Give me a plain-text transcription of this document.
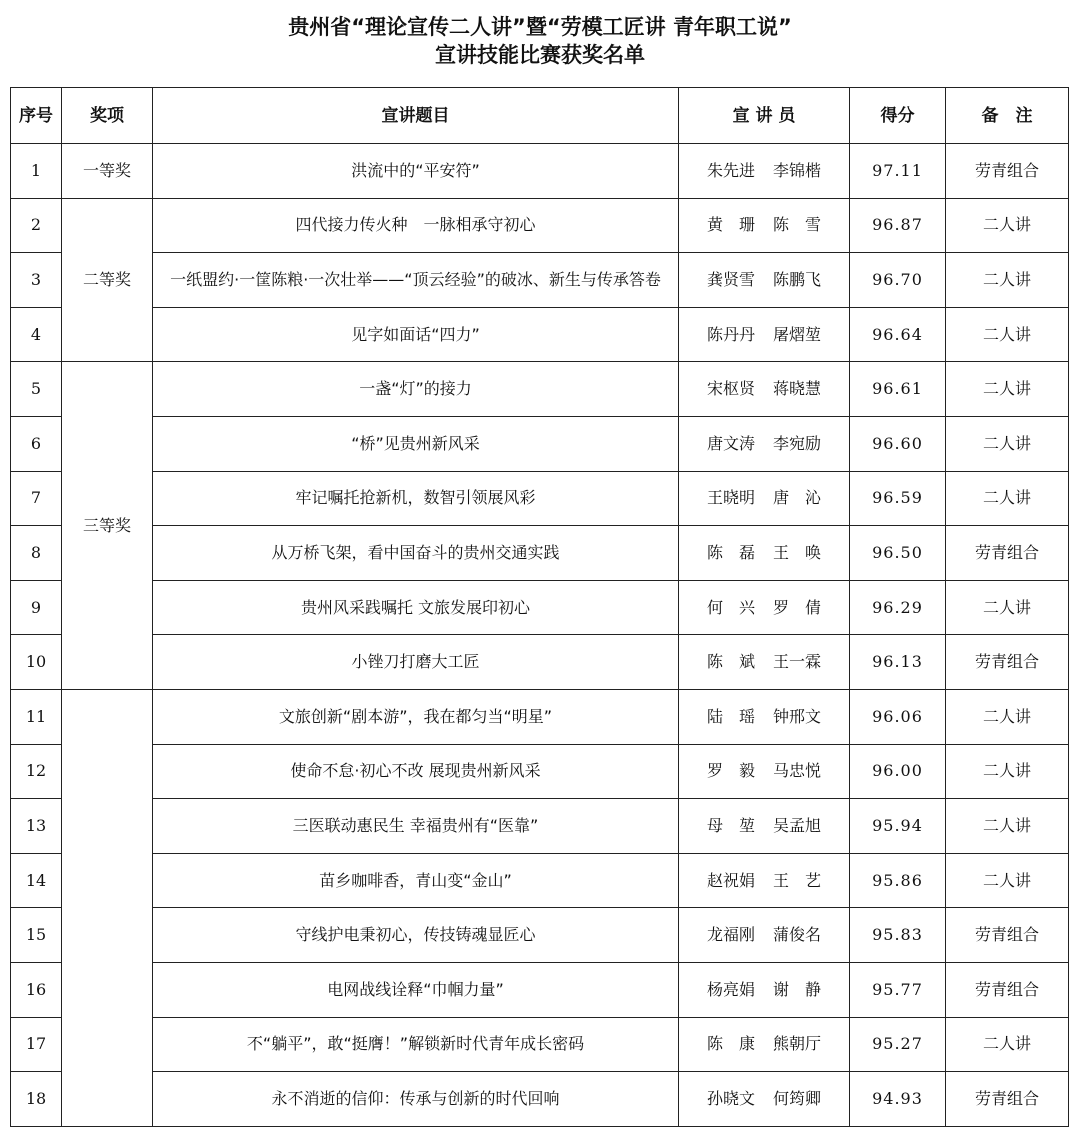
贵州省“理论宣传二人讲”暨“劳模工匠讲 青年职工说”
宣讲技能比赛获奖名单
序号	奖项	宣讲题目	宣 讲 员	得分	备　注
1	一等奖	洪流中的“平安符”	朱先进 李锦楷	97.11	劳青组合
2	二等奖	四代接力传火种　一脉相承守初心	黄　珊 陈　雪	96.87	二人讲
3		一纸盟约·一筐陈粮·一次壮举——“顶云经验”的破冰、新生与传承答卷	龚贤雪 陈鹏飞	96.70	二人讲
4		见字如面话“四力”	陈丹丹 屠熠堃	96.64	二人讲
5	三等奖	一盏“灯”的接力	宋枢贤 蒋晓慧	96.61	二人讲
6		“桥”见贵州新风采	唐文涛 李宛励	96.60	二人讲
7		牢记嘱托抢新机，数智引领展风彩	王晓明 唐　沁	96.59	二人讲
8		从万桥飞架，看中国奋斗的贵州交通实践	陈　磊 王　唤	96.50	劳青组合
9		贵州风采践嘱托 文旅发展印初心	何　兴 罗　倩	96.29	二人讲
10		小锉刀打磨大工匠	陈　斌 王一霖	96.13	劳青组合
11		文旅创新“剧本游”，我在都匀当“明星”	陆　瑶 钟邢文	96.06	二人讲
12		使命不怠·初心不改 展现贵州新风采	罗　毅 马忠悦	96.00	二人讲
13		三医联动惠民生 幸福贵州有“医靠”	母　堃 吴孟旭	95.94	二人讲
14		苗乡咖啡香，青山变“金山”	赵祝娟 王　艺	95.86	二人讲
15		守线护电秉初心，传技铸魂显匠心	龙福刚 蒲俊名	95.83	劳青组合
16		电网战线诠释“巾帼力量”	杨亮娟 谢　静	95.77	劳青组合
17		不“躺平”，敢“挺膺！”解锁新时代青年成长密码	陈　康 熊朝厅	95.27	二人讲
18		永不消逝的信仰：传承与创新的时代回响	孙晓文 何筠卿	94.93	劳青组合
